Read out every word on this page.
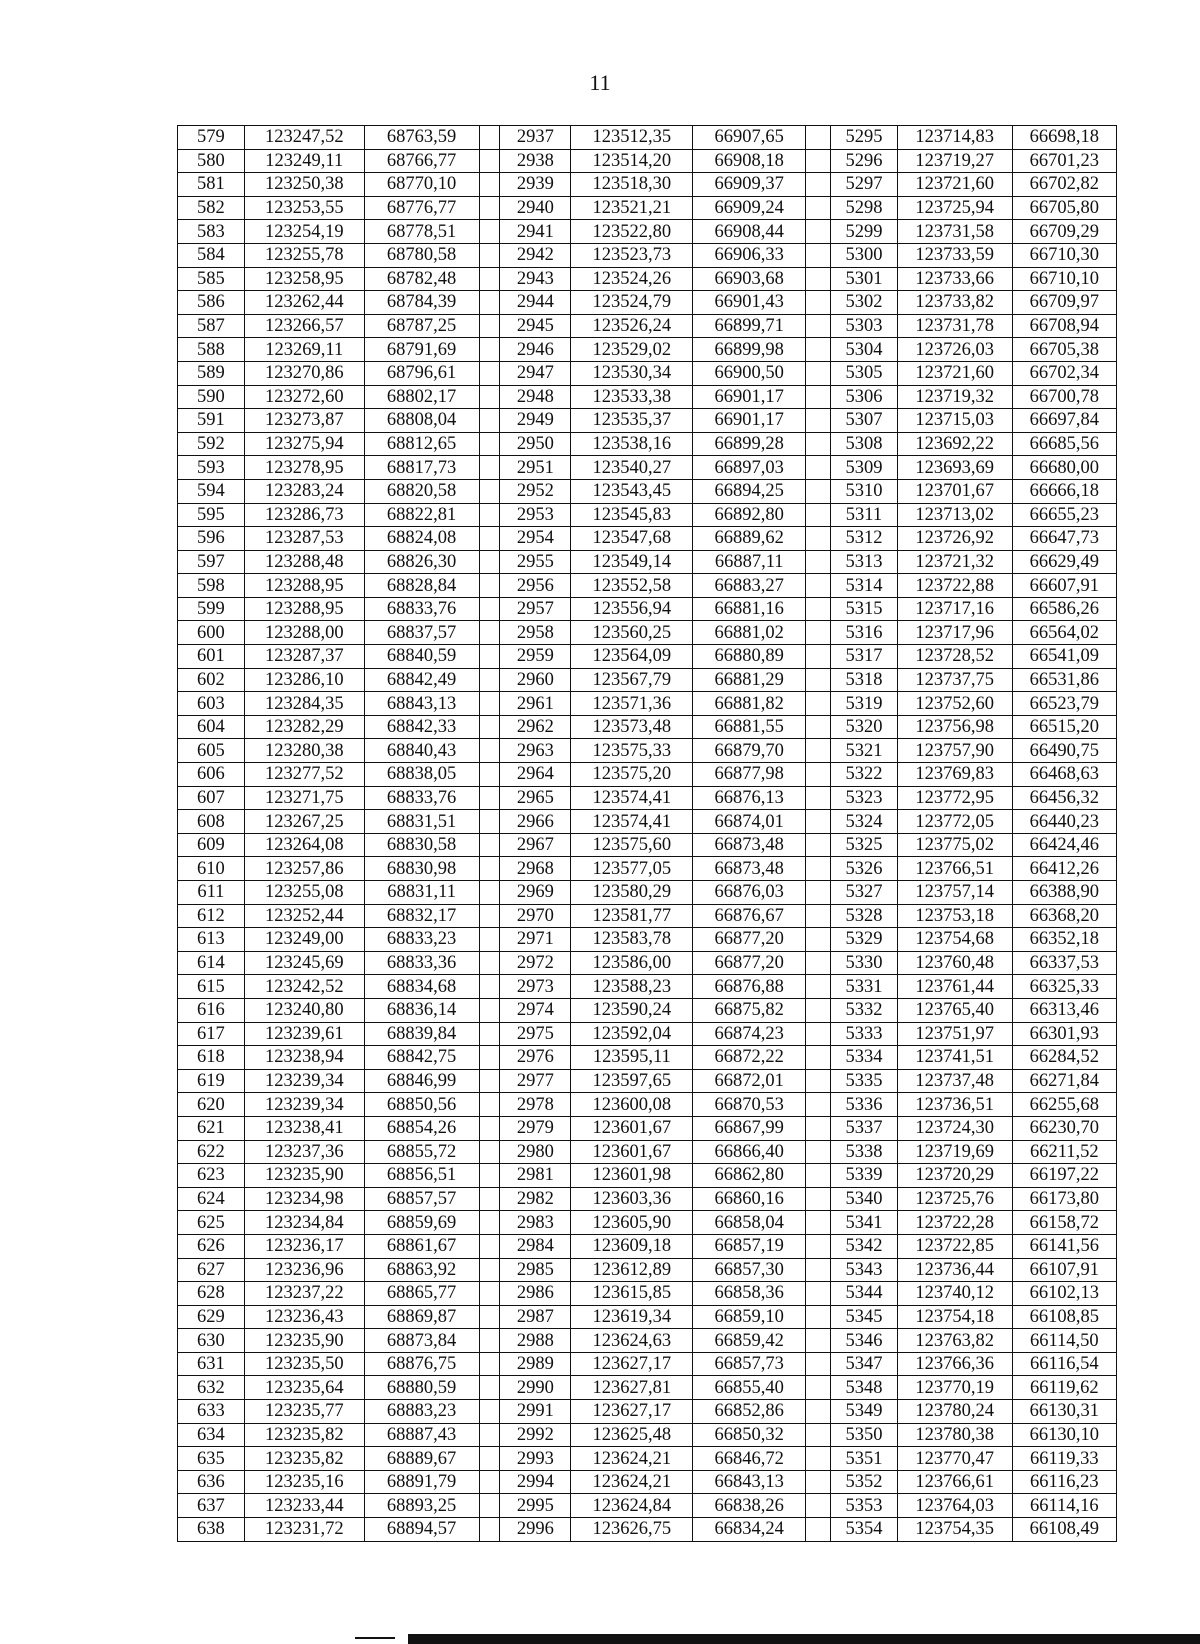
11
579	123247,52	68763,59		2937	123512,35	66907,65		5295	123714,83	66698,18
580	123249,11	68766,77		2938	123514,20	66908,18		5296	123719,27	66701,23
581	123250,38	68770,10		2939	123518,30	66909,37		5297	123721,60	66702,82
582	123253,55	68776,77		2940	123521,21	66909,24		5298	123725,94	66705,80
583	123254,19	68778,51		2941	123522,80	66908,44		5299	123731,58	66709,29
584	123255,78	68780,58		2942	123523,73	66906,33		5300	123733,59	66710,30
585	123258,95	68782,48		2943	123524,26	66903,68		5301	123733,66	66710,10
586	123262,44	68784,39		2944	123524,79	66901,43		5302	123733,82	66709,97
587	123266,57	68787,25		2945	123526,24	66899,71		5303	123731,78	66708,94
588	123269,11	68791,69		2946	123529,02	66899,98		5304	123726,03	66705,38
589	123270,86	68796,61		2947	123530,34	66900,50		5305	123721,60	66702,34
590	123272,60	68802,17		2948	123533,38	66901,17		5306	123719,32	66700,78
591	123273,87	68808,04		2949	123535,37	66901,17		5307	123715,03	66697,84
592	123275,94	68812,65		2950	123538,16	66899,28		5308	123692,22	66685,56
593	123278,95	68817,73		2951	123540,27	66897,03		5309	123693,69	66680,00
594	123283,24	68820,58		2952	123543,45	66894,25		5310	123701,67	66666,18
595	123286,73	68822,81		2953	123545,83	66892,80		5311	123713,02	66655,23
596	123287,53	68824,08		2954	123547,68	66889,62		5312	123726,92	66647,73
597	123288,48	68826,30		2955	123549,14	66887,11		5313	123721,32	66629,49
598	123288,95	68828,84		2956	123552,58	66883,27		5314	123722,88	66607,91
599	123288,95	68833,76		2957	123556,94	66881,16		5315	123717,16	66586,26
600	123288,00	68837,57		2958	123560,25	66881,02		5316	123717,96	66564,02
601	123287,37	68840,59		2959	123564,09	66880,89		5317	123728,52	66541,09
602	123286,10	68842,49		2960	123567,79	66881,29		5318	123737,75	66531,86
603	123284,35	68843,13		2961	123571,36	66881,82		5319	123752,60	66523,79
604	123282,29	68842,33		2962	123573,48	66881,55		5320	123756,98	66515,20
605	123280,38	68840,43		2963	123575,33	66879,70		5321	123757,90	66490,75
606	123277,52	68838,05		2964	123575,20	66877,98		5322	123769,83	66468,63
607	123271,75	68833,76		2965	123574,41	66876,13		5323	123772,95	66456,32
608	123267,25	68831,51		2966	123574,41	66874,01		5324	123772,05	66440,23
609	123264,08	68830,58		2967	123575,60	66873,48		5325	123775,02	66424,46
610	123257,86	68830,98		2968	123577,05	66873,48		5326	123766,51	66412,26
611	123255,08	68831,11		2969	123580,29	66876,03		5327	123757,14	66388,90
612	123252,44	68832,17		2970	123581,77	66876,67		5328	123753,18	66368,20
613	123249,00	68833,23		2971	123583,78	66877,20		5329	123754,68	66352,18
614	123245,69	68833,36		2972	123586,00	66877,20		5330	123760,48	66337,53
615	123242,52	68834,68		2973	123588,23	66876,88		5331	123761,44	66325,33
616	123240,80	68836,14		2974	123590,24	66875,82		5332	123765,40	66313,46
617	123239,61	68839,84		2975	123592,04	66874,23		5333	123751,97	66301,93
618	123238,94	68842,75		2976	123595,11	66872,22		5334	123741,51	66284,52
619	123239,34	68846,99		2977	123597,65	66872,01		5335	123737,48	66271,84
620	123239,34	68850,56		2978	123600,08	66870,53		5336	123736,51	66255,68
621	123238,41	68854,26		2979	123601,67	66867,99		5337	123724,30	66230,70
622	123237,36	68855,72		2980	123601,67	66866,40		5338	123719,69	66211,52
623	123235,90	68856,51		2981	123601,98	66862,80		5339	123720,29	66197,22
624	123234,98	68857,57		2982	123603,36	66860,16		5340	123725,76	66173,80
625	123234,84	68859,69		2983	123605,90	66858,04		5341	123722,28	66158,72
626	123236,17	68861,67		2984	123609,18	66857,19		5342	123722,85	66141,56
627	123236,96	68863,92		2985	123612,89	66857,30		5343	123736,44	66107,91
628	123237,22	68865,77		2986	123615,85	66858,36		5344	123740,12	66102,13
629	123236,43	68869,87		2987	123619,34	66859,10		5345	123754,18	66108,85
630	123235,90	68873,84		2988	123624,63	66859,42		5346	123763,82	66114,50
631	123235,50	68876,75		2989	123627,17	66857,73		5347	123766,36	66116,54
632	123235,64	68880,59		2990	123627,81	66855,40		5348	123770,19	66119,62
633	123235,77	68883,23		2991	123627,17	66852,86		5349	123780,24	66130,31
634	123235,82	68887,43		2992	123625,48	66850,32		5350	123780,38	66130,10
635	123235,82	68889,67		2993	123624,21	66846,72		5351	123770,47	66119,33
636	123235,16	68891,79		2994	123624,21	66843,13		5352	123766,61	66116,23
637	123233,44	68893,25		2995	123624,84	66838,26		5353	123764,03	66114,16
638	123231,72	68894,57		2996	123626,75	66834,24		5354	123754,35	66108,49
